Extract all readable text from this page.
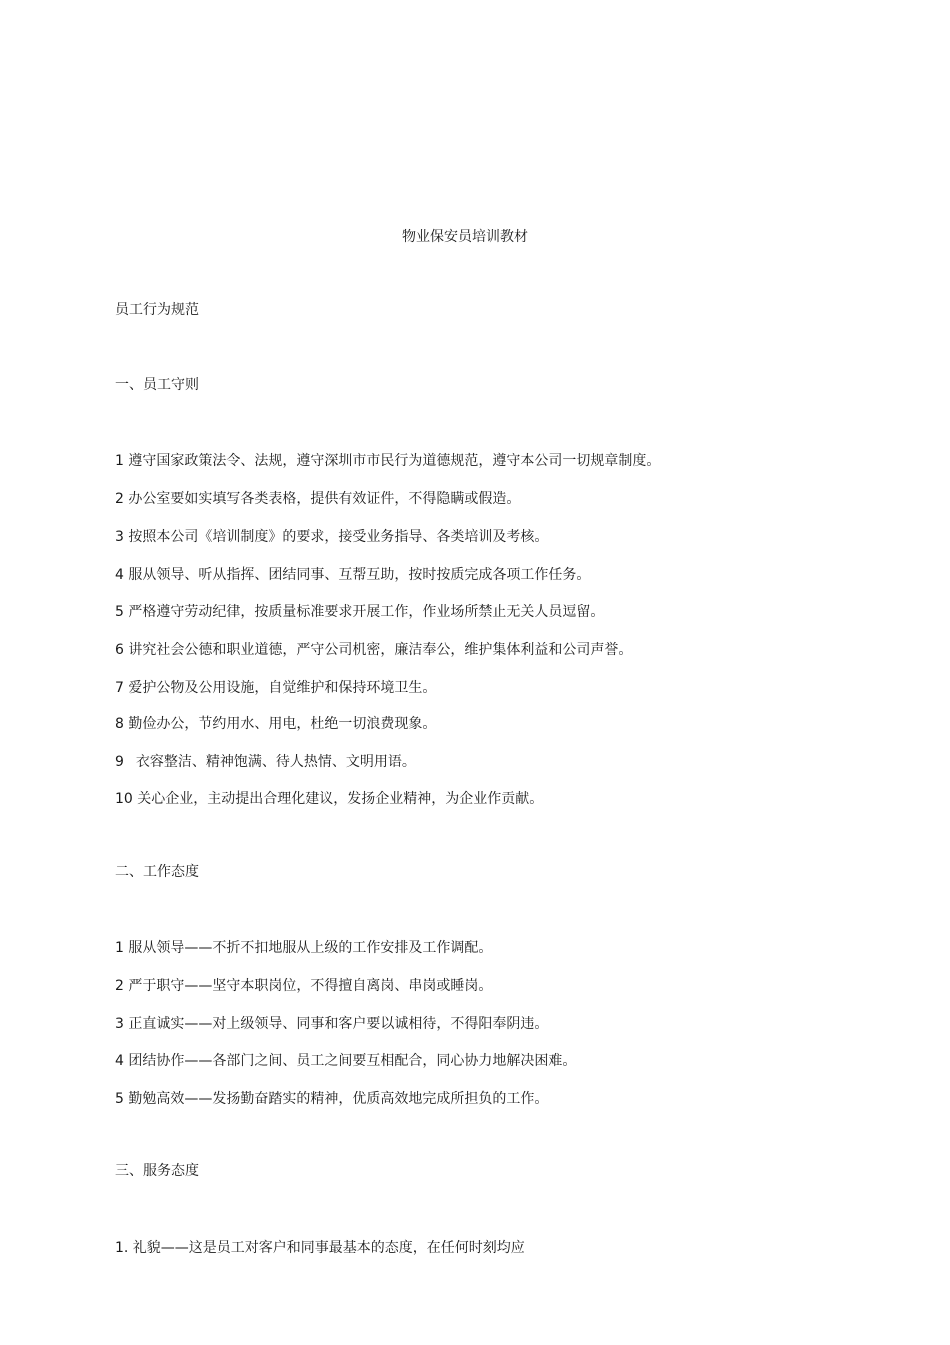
物业保安员培训教材
员工行为规范
一、员工守则
1 遵守国家政策法令、法规，遵守深圳市市民行为道德规范，遵守本公司一切规章制度。
2 办公室要如实填写各类表格，提供有效证件，不得隐瞒或假造。
3 按照本公司《培训制度》的要求，接受业务指导、各类培训及考核。
4 服从领导、听从指挥、团结同事、互帮互助，按时按质完成各项工作任务。
5 严格遵守劳动纪律，按质量标准要求开展工作，作业场所禁止无关人员逗留。
6 讲究社会公德和职业道德，严守公司机密，廉洁奉公，维护集体利益和公司声誉。
7 爱护公物及公用设施，自觉维护和保持环境卫生。
8 勤俭办公，节约用水、用电，杜绝一切浪费现象。
9 衣容整洁、精神饱满、待人热情、文明用语。
10 关心企业，主动提出合理化建议，发扬企业精神，为企业作贡献。
二、工作态度
1 服从领导——不折不扣地服从上级的工作安排及工作调配。
2 严于职守——坚守本职岗位，不得擅自离岗、串岗或睡岗。
3 正直诚实——对上级领导、同事和客户要以诚相待，不得阳奉阴违。
4 团结协作——各部门之间、员工之间要互相配合，同心协力地解决困难。
5 勤勉高效——发扬勤奋踏实的精神，优质高效地完成所担负的工作。
三、服务态度
1. 礼貌——这是员工对客户和同事最基本的态度，在任何时刻均应
